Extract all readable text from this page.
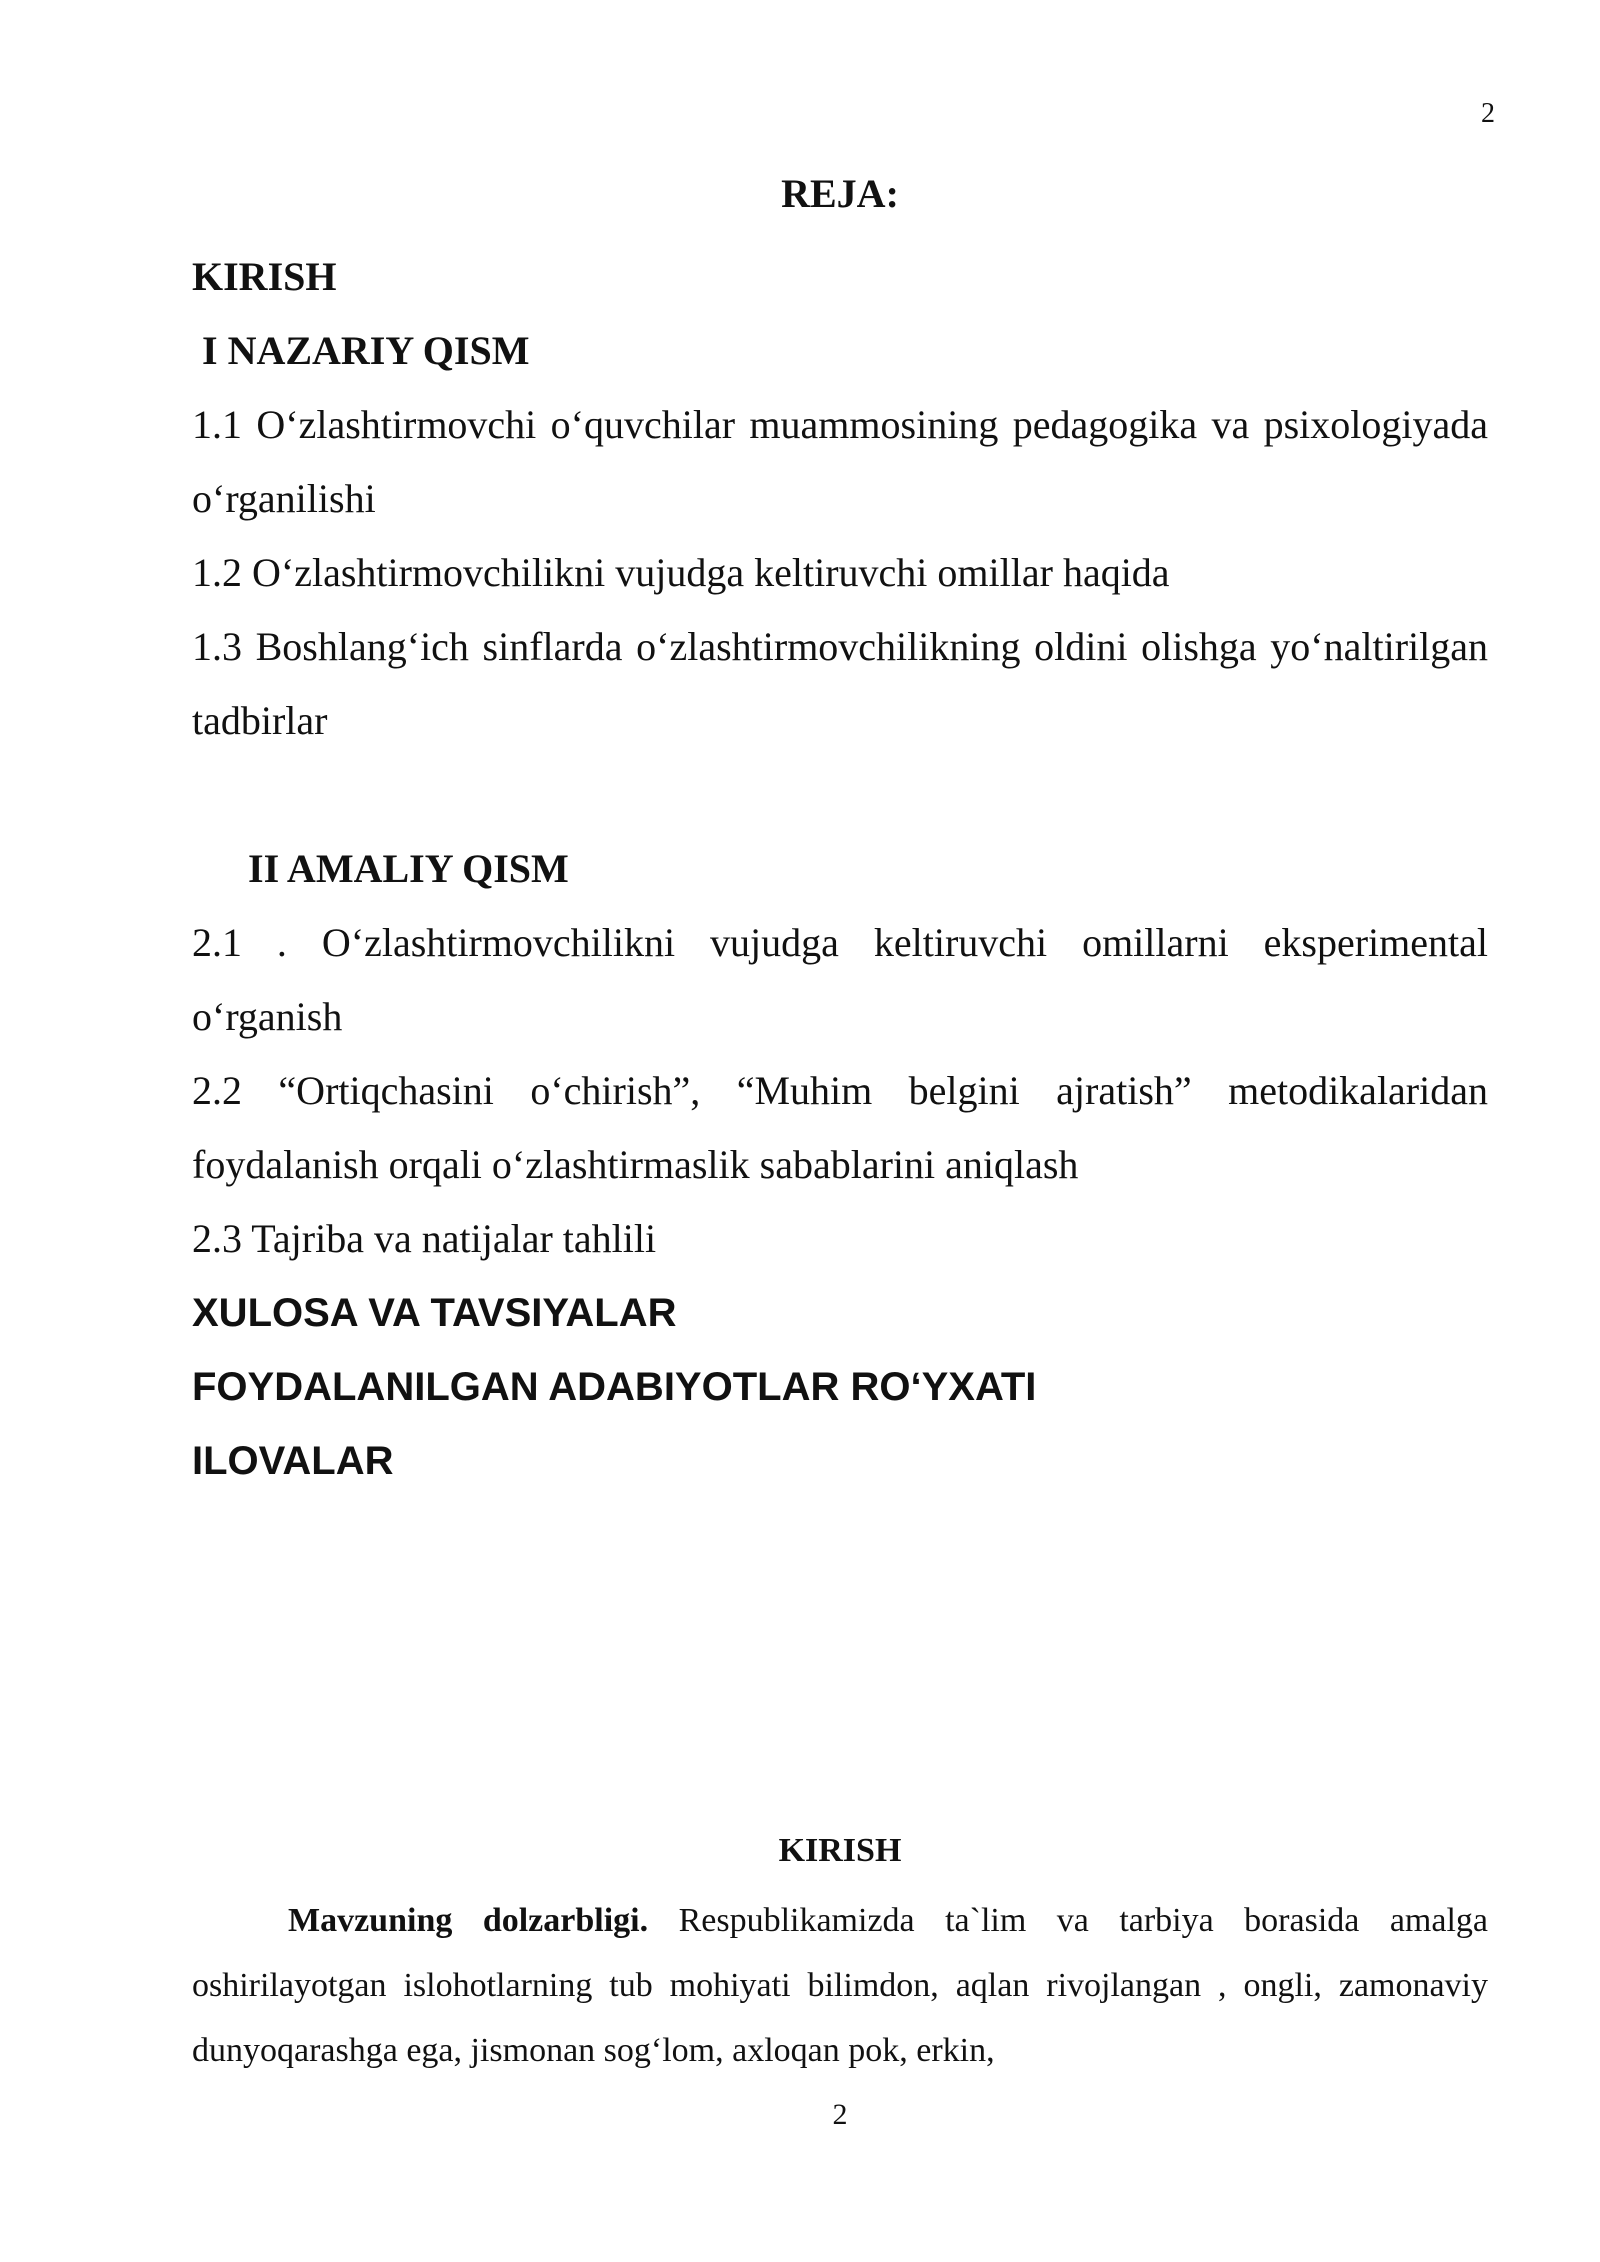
2
REJA:
KIRISH
I NAZARIY QISM
1.1 O‘zlashtirmovchi o‘quvchilar muammosining pedagogika va psixologiyada o‘rganilishi
1.2 O‘zlashtirmovchilikni vujudga keltiruvchi omillar haqida
1.3 Boshlang‘ich sinflarda o‘zlashtirmovchilikning oldini olishga yo‘naltirilgan tadbirlar
II AMALIY QISM
2.1 . O‘zlashtirmovchilikni vujudga keltiruvchi omillarni eksperimental o‘rganish
2.2 “Ortiqchasini o‘chirish”, “Muhim belgini ajratish” metodikalaridan foydalanish orqali o‘zlashtirmaslik sabablarini aniqlash
2.3 Tajriba va natijalar tahlili
XULOSA VA TAVSIYALAR
FOYDALANILGAN ADABIYOTLAR RO‘YXATI
ILOVALAR
KIRISH
Mavzuning dolzarbligi. Respublikamizda ta`lim va tarbiya borasida amalga oshirilayotgan islohotlarning tub mohiyati bilimdon, aqlan rivojlangan , ongli, zamonaviy dunyoqarashga ega, jismonan sog‘lom, axloqan pok, erkin,
2
